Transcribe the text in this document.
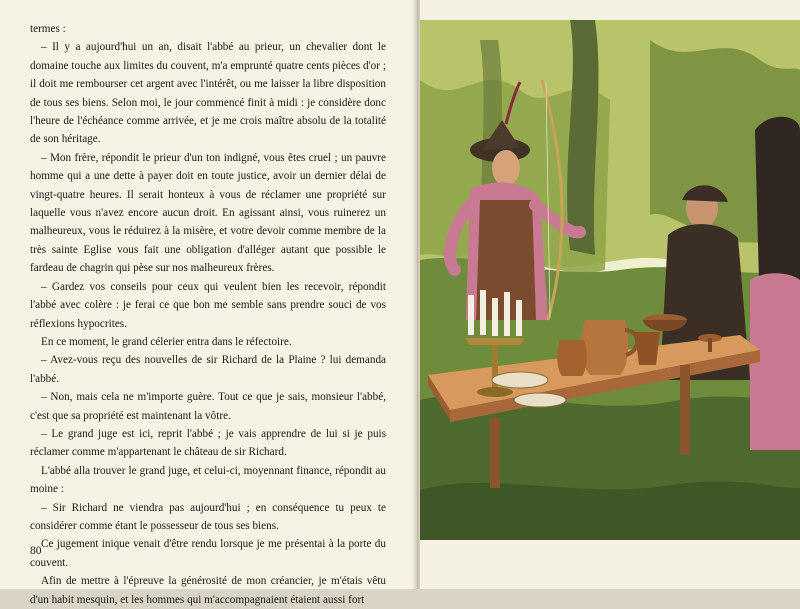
termes :

– Il y a aujourd'hui un an, disait l'abbé au prieur, un chevalier dont le domaine touche aux limites du couvent, m'a emprunté quatre cents pièces d'or ; il doit me rembourser cet argent avec l'intérêt, ou me laisser la libre disposition de tous ses biens. Selon moi, le jour commencé finit à midi : je considère donc l'heure de l'échéance comme arrivée, et je me crois maître absolu de la totalité de son héritage.

– Mon frère, répondit le prieur d'un ton indigné, vous êtes cruel ; un pauvre homme qui a une dette à payer doit en toute justice, avoir un dernier délai de vingt-quatre heures. Il serait honteux à vous de réclamer une propriété sur laquelle vous n'avez encore aucun droit. En agissant ainsi, vous ruinerez un malheureux, vous le réduirez à la misère, et votre devoir comme membre de la très sainte Eglise vous fait une obligation d'alléger autant que possible le fardeau de chagrin qui pèse sur nos malheureux frères.

– Gardez vos conseils pour ceux qui veulent bien les recevoir, répondit l'abbé avec colère : je ferai ce que bon me semble sans prendre souci de vos réflexions hypocrites.

En ce moment, le grand célerier entra dans le réfectoire.

– Avez-vous reçu des nouvelles de sir Richard de la Plaine ? lui demanda l'abbé.

– Non, mais cela ne m'importe guère. Tout ce que je sais, monsieur l'abbé, c'est que sa propriété est maintenant la vôtre.

– Le grand juge est ici, reprit l'abbé ; je vais apprendre de lui si je puis réclamer comme m'appartenant le château de sir Richard.

L'abbé alla trouver le grand juge, et celui-ci, moyennant finance, répondit au moine :

– Sir Richard ne viendra pas aujourd'hui ; en conséquence tu peux te considérer comme étant le possesseur de tous ses biens.

Ce jugement inique venait d'être rendu lorsque je me présentai à la porte du couvent.

Afin de mettre à l'épreuve la générosité de mon créancier, je m'étais vêtu d'un habit mesquin, et les hommes qui m'accompagnaient étaient aussi fort

80
